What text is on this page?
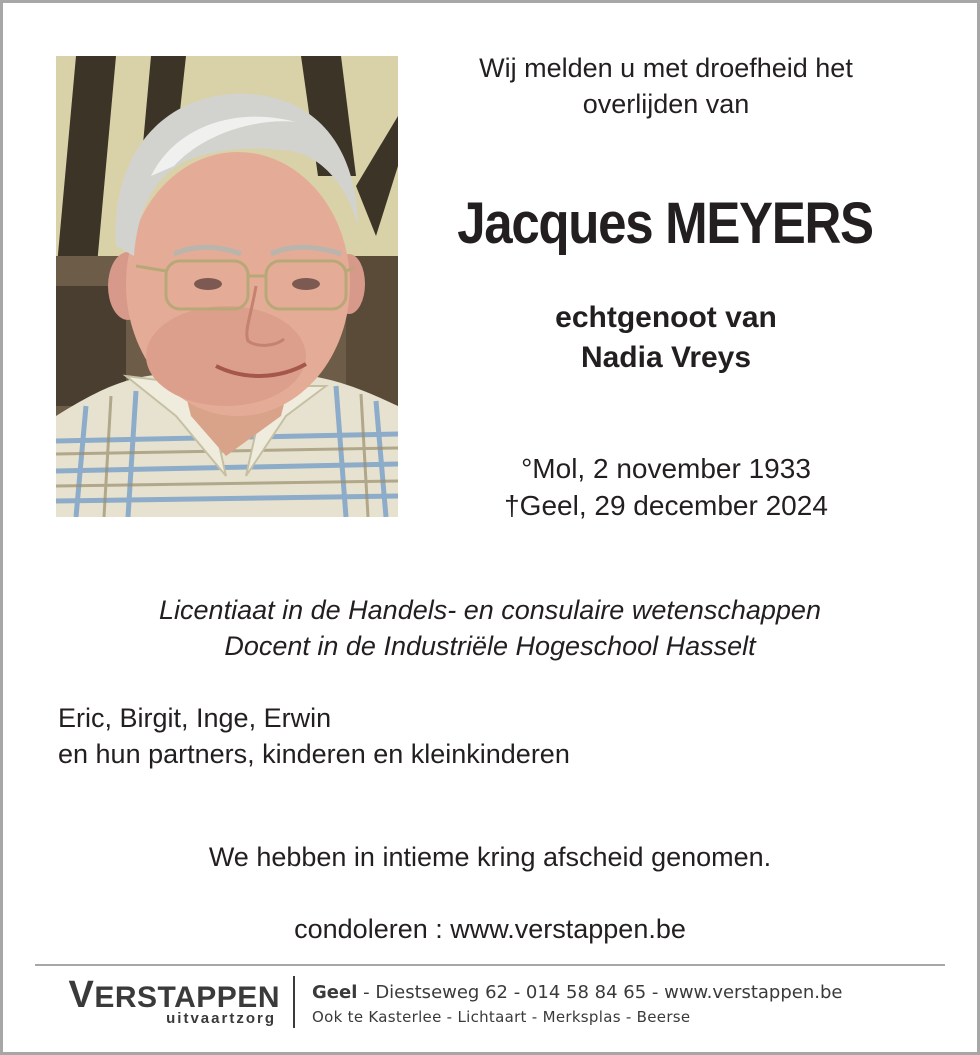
Wij melden u met droefheid het
overlijden van
Jacques MEYERS
echtgenoot van
Nadia Vreys
°Mol, 2 november 1933
†Geel, 29 december 2024
Licentiaat in de Handels- en consulaire wetenschappen
Docent in de Industriële Hogeschool Hasselt
Eric, Birgit, Inge, Erwin
en hun partners, kinderen en kleinkinderen
We hebben in intieme kring afscheid genomen.
condoleren : www.verstappen.be
VERSTAPPEN
uitvaartzorg
Geel - Diestseweg 62 - 014 58 84 65 - www.verstappen.be
Ook te Kasterlee - Lichtaart - Merksplas - Beerse
